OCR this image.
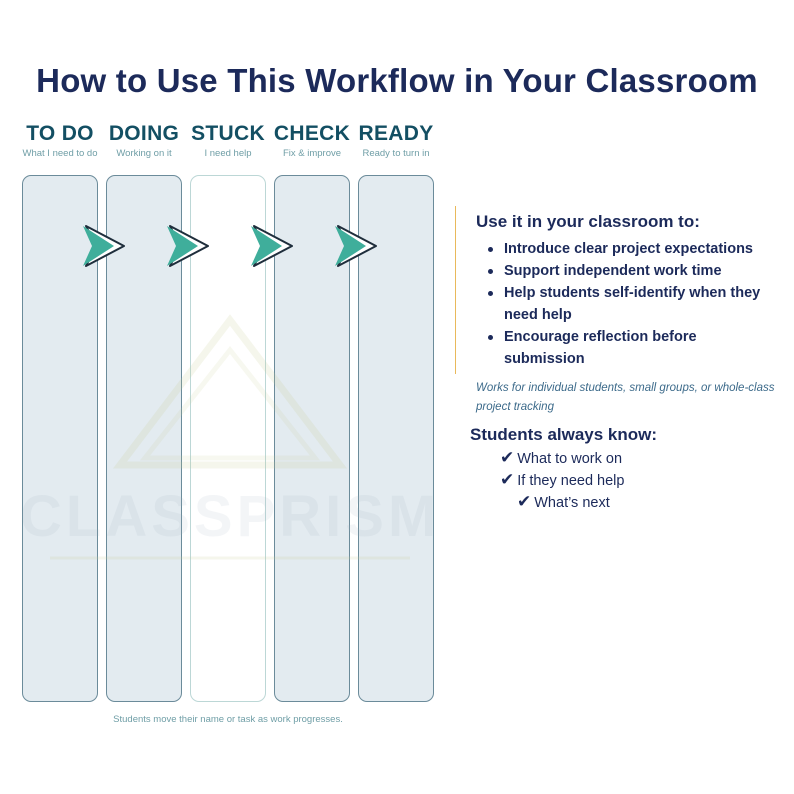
How to Use This Workflow in Your Classroom
TO DO
What I need to do
DOING
Working on it
STUCK
I need help
CHECK
Fix & improve
READY
Ready to turn in
Students move their name or task as work progresses.
Use it in your classroom to:
Introduce clear project expectations
Support independent work time
Help students self-identify when they need help
Encourage reflection before submission
Works for individual students, small groups, or whole-class project tracking
Students always know:
✔ What to work on
✔ If they need help
✔ What’s next
